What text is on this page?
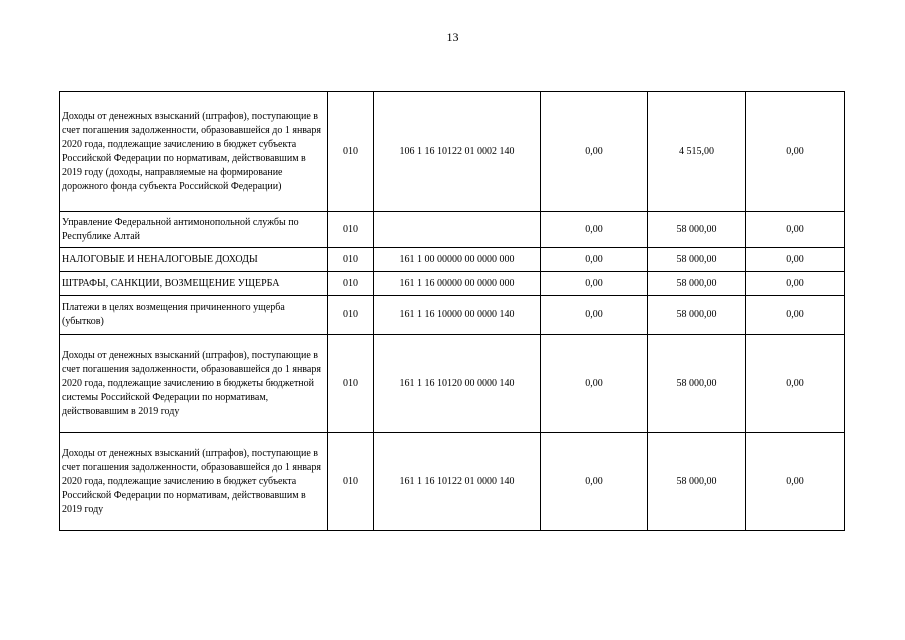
13
Доходы от денежных взысканий (штрафов), поступающие в счет погашения задолженности, образовавшейся до 1 января 2020 года, подлежащие зачислению в бюджет субъекта Российской Федерации по нормативам, действовавшим в 2019 году (доходы, направляемые на формирование дорожного фонда субъекта Российской Федерации)	010	106 1 16 10122 01 0002 140	0,00	4 515,00	0,00
Управление Федеральной антимонопольной службы по Республике Алтай	010		0,00	58 000,00	0,00
НАЛОГОВЫЕ И НЕНАЛОГОВЫЕ ДОХОДЫ	010	161 1 00 00000 00 0000 000	0,00	58 000,00	0,00
ШТРАФЫ, САНКЦИИ, ВОЗМЕЩЕНИЕ УЩЕРБА	010	161 1 16 00000 00 0000 000	0,00	58 000,00	0,00
Платежи в целях возмещения причиненного ущерба (убытков)	010	161 1 16 10000 00 0000 140	0,00	58 000,00	0,00
Доходы от денежных взысканий (штрафов), поступающие в счет погашения задолженности, образовавшейся до 1 января 2020 года, подлежащие зачислению в бюджеты бюджетной системы Российской Федерации по нормативам, действовавшим в 2019 году	010	161 1 16 10120 00 0000 140	0,00	58 000,00	0,00
Доходы от денежных взысканий (штрафов), поступающие в счет погашения задолженности, образовавшейся до 1 января 2020 года, подлежащие зачислению в бюджет субъекта Российской Федерации по нормативам, действовавшим в 2019 году	010	161 1 16 10122 01 0000 140	0,00	58 000,00	0,00
